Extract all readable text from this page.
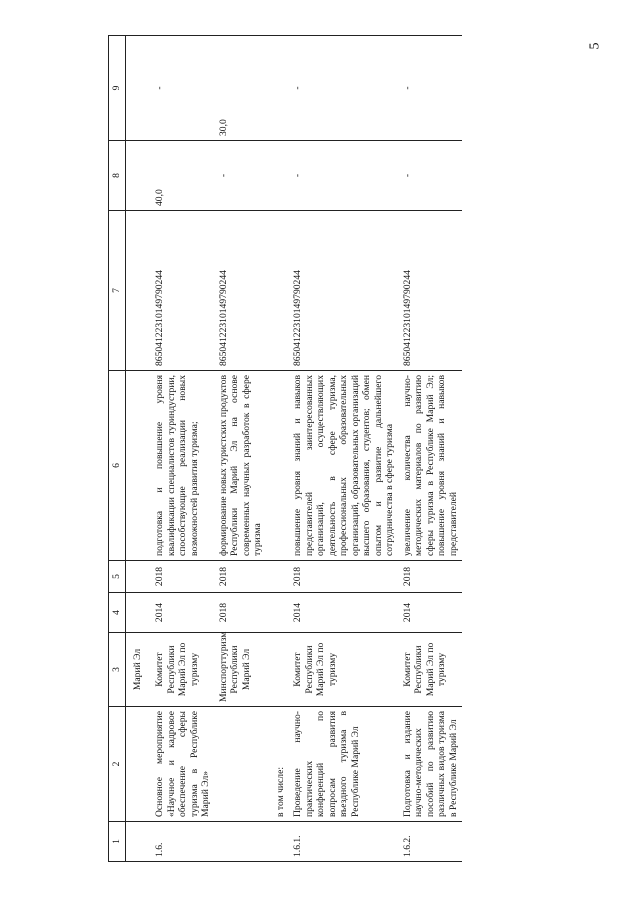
5
1	2	3	4	5	6	7	8	9
		Марий Эл						
1.6.	Основное мероприятие «Научное и кадровое обеспечение сферы туризма в Республике Марий Эл»	Комитет Республики Марий Эл по туризму	2014	2018	подготовка и повышение уровня квалификации специалистов туриндустрии, способствующие реализации новых возможностей развития туризма;	86504122310149790244	40,0	-
		Минспорттуризм Республики Марий Эл	2018	2018	формирование новых туристских продуктов Республики Марий Эл на основе современных научных разработок в сфере туризма	86504122310149790244	-	30,0
	в том числе:							
1.6.1.	Проведение научно-практических конференций по вопросам развития въездного туризма в Республике Марий Эл	Комитет Республики Марий Эл по туризму	2014	2018	повышение уровня знаний и навыков представителей заинтересованных организаций, осуществляющих деятельность в сфере туризма, профессиональных образовательных организаций, образовательных организаций высшего образования, студентов; обмен опытом и развитие дальнейшего сотрудничества в сфере туризма	86504122310149790244	-	-
1.6.2.	Подготовка и издание научно-методических пособий по развитию различных видов туризма в Республике Марий Эл	Комитет Республики Марий Эл по туризму	2014	2018	увеличение количества научно-методических материалов по развитию сферы туризма в Республике Марий Эл; повышение уровня знаний и навыков представителей	86504122310149790244	-	-
